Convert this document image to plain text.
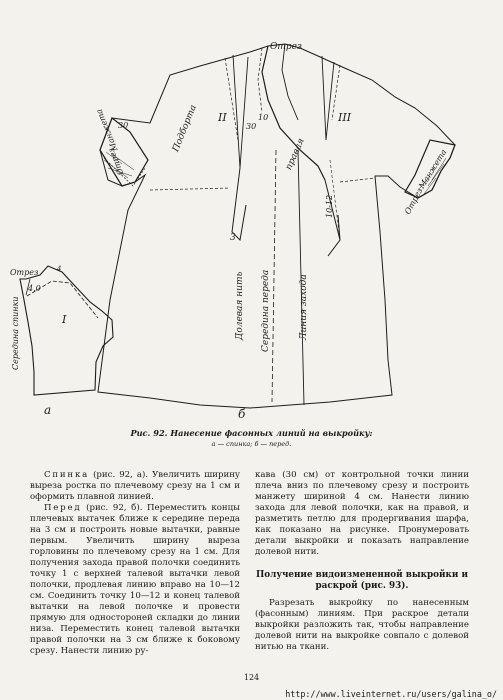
Отрез
Отрез
Отрез
Манжета
Манжета
Подборта
правая
30	30
10
10-12
3
II	III
Долевая нить Середина переда	Линия захода
б
Отрез	4
4,0
I
Середина спинки
а
Рис. 92. Нанесение фасонных линий на выкройку:
а — спинка; б — перед.

Спинка (рис. 92, а). Увеличить ширину выреза ростка по плечевому срезу на 1 см и оформить плавной линией.

Перед (рис. 92, б). Переместить концы плечевых вытачек ближе к середине переда на 3 см и построить новые вытачки, равные первым. Увеличить ширину выреза горловины по плечевому срезу на 1 см. Для получения захода правой полочки соединить точку 1 с верхней талевой вытачки левой полочки, продлевая линию вправо на 10—12 см. Соединить точку 10—12 и конец талевой вытачки на левой полочке и провести прямую для одностороней складки до линии низа. Переместить конец талевой вытачки правой полочки на 3 см ближе к боковому срезу. Нанести линию ру-

кава (30 см) от контрольной точки линии плеча вниз по плечевому срезу и построить манжету шириной 4 см. Нанести линию захода для левой полочки, как на правой, и разметить петлю для продергивания шарфа, как показано на рисунке. Пронумеровать детали выкройки и показать направление долевой нити.

Получение видоизмененной выкройки и раскрой (рис. 93).

Разрезать выкройку по нанесенным (фасонным) линиям. При раскрое детали выкройки разложить так, чтобы направление долевой нити на выкройке совпало с долевой нитью на ткани.

124
http://www.liveinternet.ru/users/galina_o/
